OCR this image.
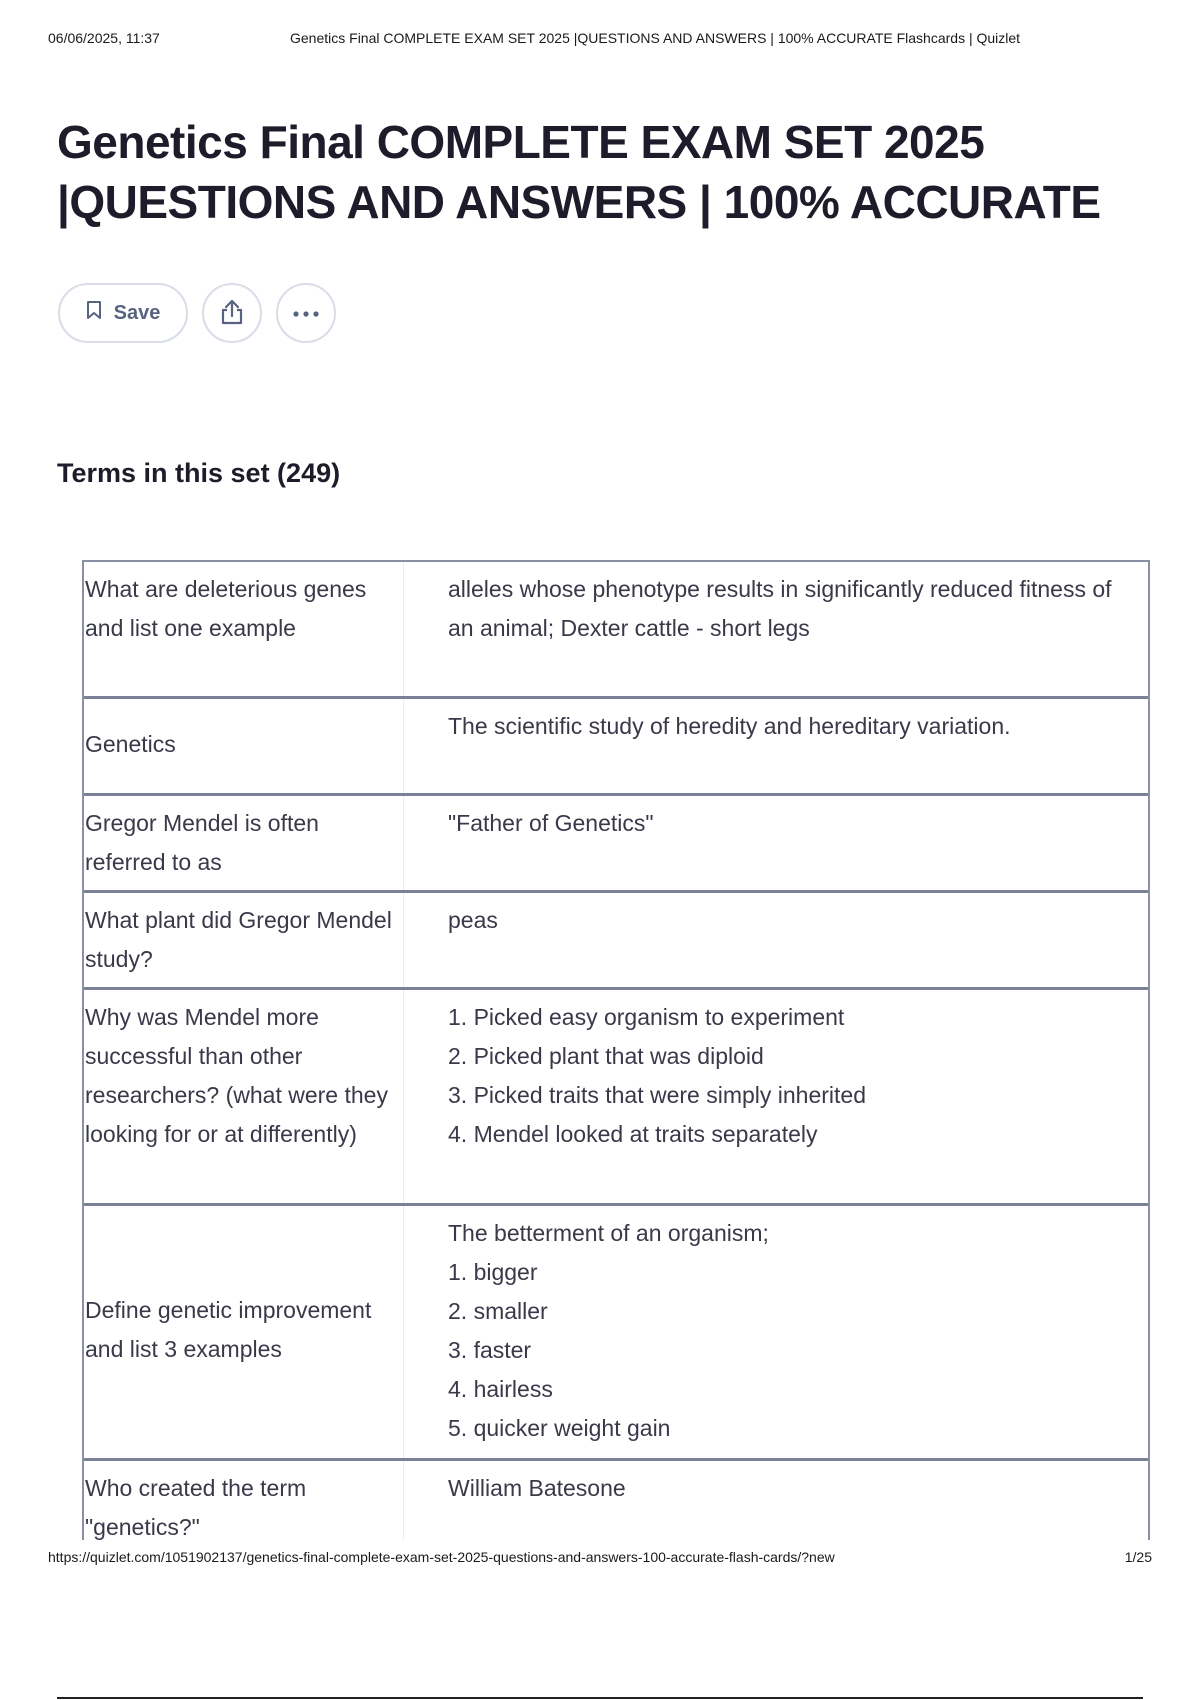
06/06/2025, 11:37	Genetics Final COMPLETE EXAM SET 2025 |QUESTIONS AND ANSWERS | 100% ACCURATE Flashcards | Quizlet
Genetics Final COMPLETE EXAM SET 2025 |QUESTIONS AND ANSWERS | 100% ACCURATE
Save
Terms in this set (249)
What are deleterious genes and list one example
alleles whose phenotype results in significantly reduced fitness of an animal; Dexter cattle - short legs
Genetics
The scientific study of heredity and hereditary variation.
Gregor Mendel is often referred to as
"Father of Genetics"
What plant did Gregor Mendel study?
peas
Why was Mendel more successful than other researchers? (what were they looking for or at differently)
1. Picked easy organism to experiment
2. Picked plant that was diploid
3. Picked traits that were simply inherited
4. Mendel looked at traits separately
Define genetic improvement and list 3 examples
The betterment of an organism;
1. bigger
2. smaller
3. faster
4. hairless
5. quicker weight gain
Who created the term "genetics?"
William Batesone
https://quizlet.com/1051902137/genetics-final-complete-exam-set-2025-questions-and-answers-100-accurate-flash-cards/?new	1/25
